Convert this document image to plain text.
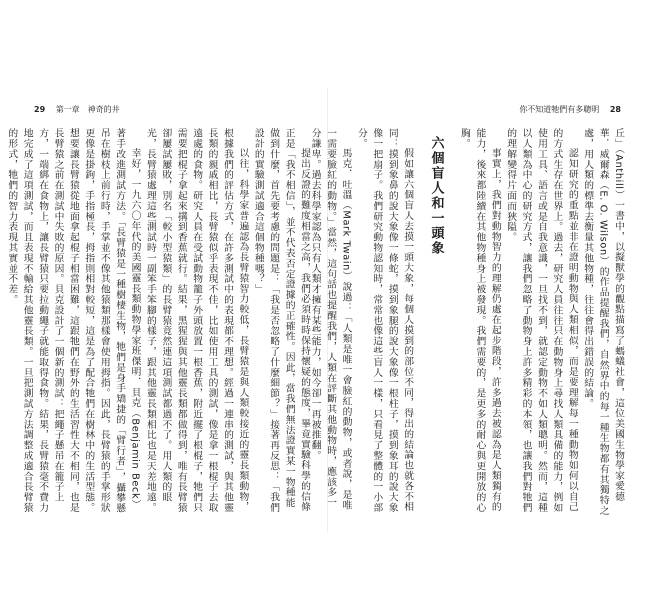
29 第一章　神奇的井

提出反證的難度相當之高，我們必須時時保持懷疑的態度，畢竟實驗科學的信條正是「我不相信」，並不代表否定證據的正確性。因此，當我們無法證實某一物種能做到什麼，首先要考慮的問題是：「我是否忽略了什麼細節？」接著再反思：「我們設計的實驗測試適合這個物種嗎？」

以往，科學家普遍認為長臂猿智力較低，長臂猿是與人類較接近的靈長類動物，根據我們的評估方式，在許多測試中的表現都不理想。經過一連串的測試，與其他靈長類的親戚相比，長臂猿似乎表現不佳，比如使用工具的測試，像是拿一根棍子去取遠處的食物。研究人員在受試動物籠子外頭放置一根香蕉，附近擺了根棍子，牠們只需要把棍子拿起來搆到香蕉就行。結果，黑猩猩與其他靈長類都做得到，唯有長臂猿卻屢試屢敗，別名「較小型猿類」的長臂猿竟然連這項測試都過不了。用人類的眼光，長臂猿處理這些測試時一副笨手笨腳的樣子，跟其他靈長類相比也是天差地遠。

幸好，一九六〇年代的美國靈長類動物學家班傑明．貝克（Benjamin Beck）著手改進測試方法。「長臂猿是一種樹棲生物，牠們是身手矯捷的「臂行者」，攝攀懸吊在樹枝上前行時，手掌並不像其他猿類那樣會使用拇指。因此，長臂猿的手掌形狀更像是掛鉤，手指極長，拇指則相對較短，這是為了配合牠們在樹林中的生活型態。想要讓長臂猿從地面拿起棍子相當困難，這跟牠們在野外的生活習性大不相同，也是長臂猿之前在測試中失敗的原因。貝克設計了一個新的測試：把繩子懸吊在籠子上方，一端綁在食物上，讓長臂猿只要拉動繩子就能取得食物。結果，長臂猿毫不費力地完成了這項測試，而且表現不輸給其他靈長類。一旦把測試方法調整成適合長臂猿的形式，牠們的智力表現其實並不差。

你不知道牠們有多聰明 28

丘」（Anthill）一書中，以擬獸學的觀點描寫了螞蟻社會，這位美國生物學家愛德華．威爾森（E. O. Wilson）的作品提醒我們，自然界中的每一種生物都有其獨特之處，用人類的標準去衡量其他物種，往往會得出錯誤的結論。

認知研究的重點並非在證明動物與人類相似，而是要理解每一種動物如何以自己的方式生存在世界上。過去，研究人員往往只在動物身上尋找人類具備的能力，例如使用工具、語言或是自我意識，一旦找不到，就認定動物不如人類聰明。然而，這種以人類為中心的研究方式，讓我們忽略了動物身上許多精彩的本領，也讓我們對牠們的理解變得片面而狹隘。

事實上，我們對動物智力的理解仍處在起步階段，許多過去被認為是人類獨有的能力，後來都陸續在其他物種身上被發現。我們需要的，是更多的耐心與更開放的心胸。

六個盲人和一頭象

假如讓六個盲人去摸一頭大象，每個人摸到的部位不同，得出的結論也就各不相同：摸到象鼻的說大象像一條蛇，摸到象腿的說大象像一根柱子，摸到象耳的說大象像一把扇子。我們研究動物認知時，常常也像這些盲人一樣，只看見了整體的一小部分。

馬克．吐溫（Mark Twain）說過：「人類是唯一會臉紅的動物，或者說，是唯一需要臉紅的動物。」當然，這句話也提醒我們，人類在評斷其他動物時，應該多一分謙卑。過去科學家認為只有人類才擁有某些能力，如今卻一再被推翻。
